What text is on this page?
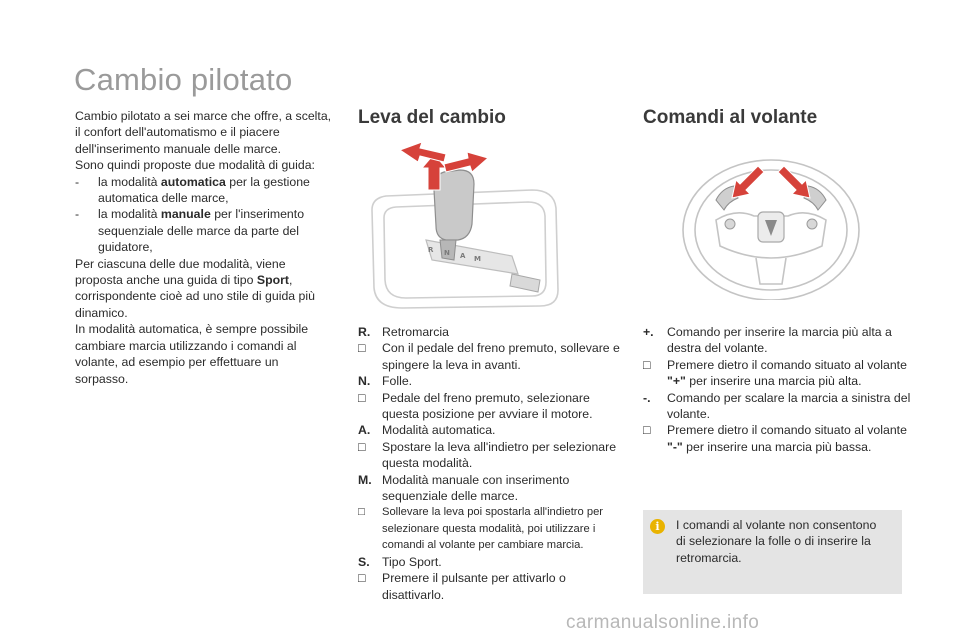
Cambio pilotato

Cambio pilotato a sei marce che offre, a scelta, il confort dell'automatismo e il piacere dell'inserimento manuale delle marce.

Sono quindi proposte due modalità di guida:

- la modalità automatica per la gestione automatica delle marce,
- la modalità manuale per l'inserimento sequenziale delle marce da parte del guidatore,

Per ciascuna delle due modalità, viene proposta anche una guida di tipo Sport, corrispondente cioè ad uno stile di guida più dinamico.

In modalità automatica, è sempre possibile cambiare marcia utilizzando i comandi al volante, ad esempio per effettuare un sorpasso.

Leva del cambio
R N A M

R. Retromarcia

□ Con il pedale del freno premuto, sollevare e spingere la leva in avanti.

N. Folle.

□ Pedale del freno premuto, selezionare questa posizione per avviare il motore.

A. Modalità automatica.

□ Spostare la leva all'indietro per selezionare questa modalità.

M. Modalità manuale con inserimento sequenziale delle marce.

□ Sollevare la leva poi spostarla all'indietro per selezionare questa modalità, poi utilizzare i comandi al volante per cambiare marcia.

S. Tipo Sport.

□ Premere il pulsante per attivarlo o disattivarlo.

Comandi al volante

+. Comando per inserire la marcia più alta a destra del volante.

□ Premere dietro il comando situato al volante "+" per inserire una marcia più alta.

-. Comando per scalare la marcia a sinistra del volante.

□ Premere dietro il comando situato al volante "-" per inserire una marcia più bassa.

i	I comandi al volante non consentono di selezionare la folle o di inserire la retromarcia.
carmanualsonline.info
